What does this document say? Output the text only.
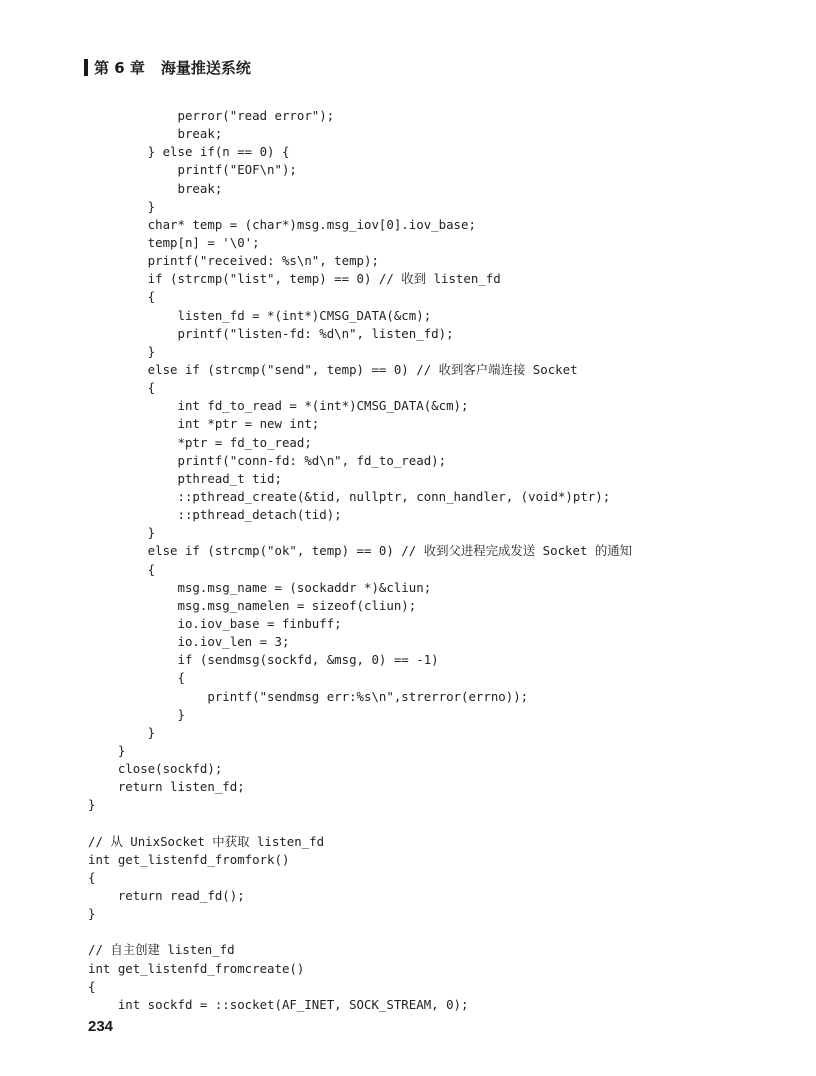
第 6 章 海量推送系统
perror("read error");
break;
} else if(n == 0) {
printf("EOF\n");
break;
}
char* temp = (char*)msg.msg_iov[0].iov_base;
temp[n] = '\0';
printf("received: %s\n", temp);
if (strcmp("list", temp) == 0) // 收到 listen_fd
{
listen_fd = *(int*)CMSG_DATA(&cm);
printf("listen-fd: %d\n", listen_fd);
}
else if (strcmp("send", temp) == 0) // 收到客户端连接 Socket
{
int fd_to_read = *(int*)CMSG_DATA(&cm);
int *ptr = new int;
*ptr = fd_to_read;
printf("conn-fd: %d\n", fd_to_read);
pthread_t tid;
::pthread_create(&tid, nullptr, conn_handler, (void*)ptr);
::pthread_detach(tid);
}
else if (strcmp("ok", temp) == 0) // 收到父进程完成发送 Socket 的通知
{
msg.msg_name = (sockaddr *)&cliun;
msg.msg_namelen = sizeof(cliun);
io.iov_base = finbuff;
io.iov_len = 3;
if (sendmsg(sockfd, &msg, 0) == -1)
{
printf("sendmsg err:%s\n",strerror(errno));
}
}
}
close(sockfd);
return listen_fd;
}
// 从 UnixSocket 中获取 listen_fd
int get_listenfd_fromfork()
{
return read_fd();
}
// 自主创建 listen_fd
int get_listenfd_fromcreate()
{
int sockfd = ::socket(AF_INET, SOCK_STREAM, 0);
234
